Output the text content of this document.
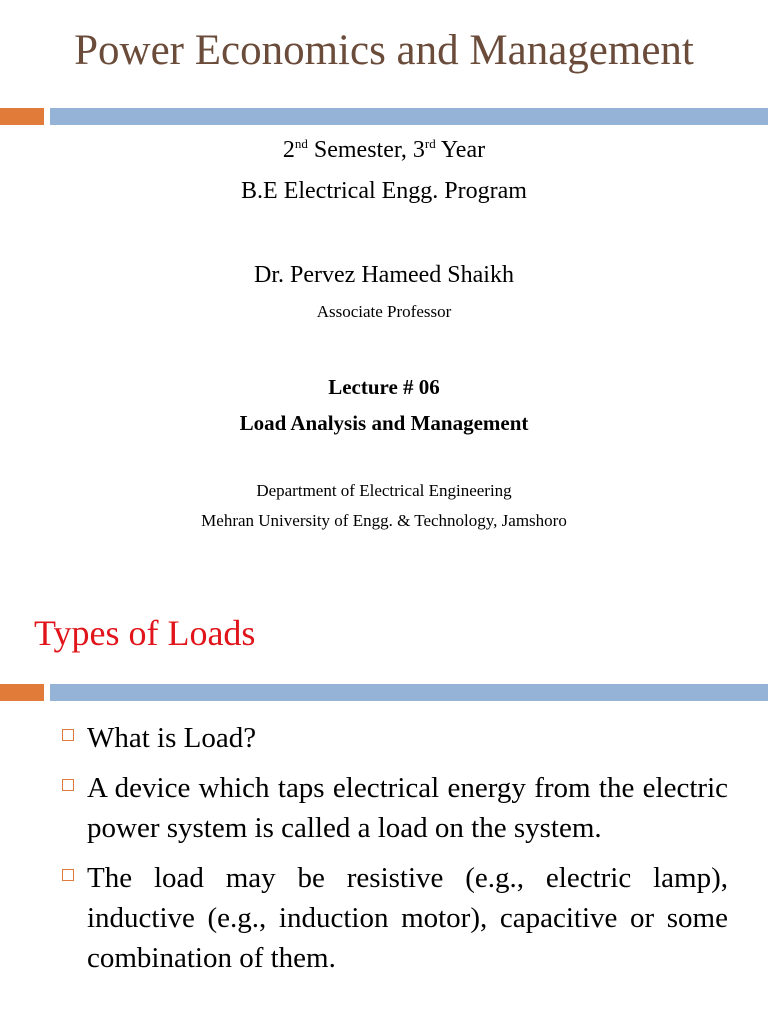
Power Economics and Management
2nd Semester, 3rd Year
B.E Electrical Engg. Program
Dr. Pervez Hameed Shaikh
Associate Professor
Lecture # 06
Load Analysis and Management
Department of Electrical Engineering
Mehran University of Engg. & Technology, Jamshoro
Types of Loads
What is Load?
A device which taps electrical energy from the electric power system is called a load on the system.
The load may be resistive (e.g., electric lamp), inductive (e.g., induction motor), capacitive or some combination of them.
